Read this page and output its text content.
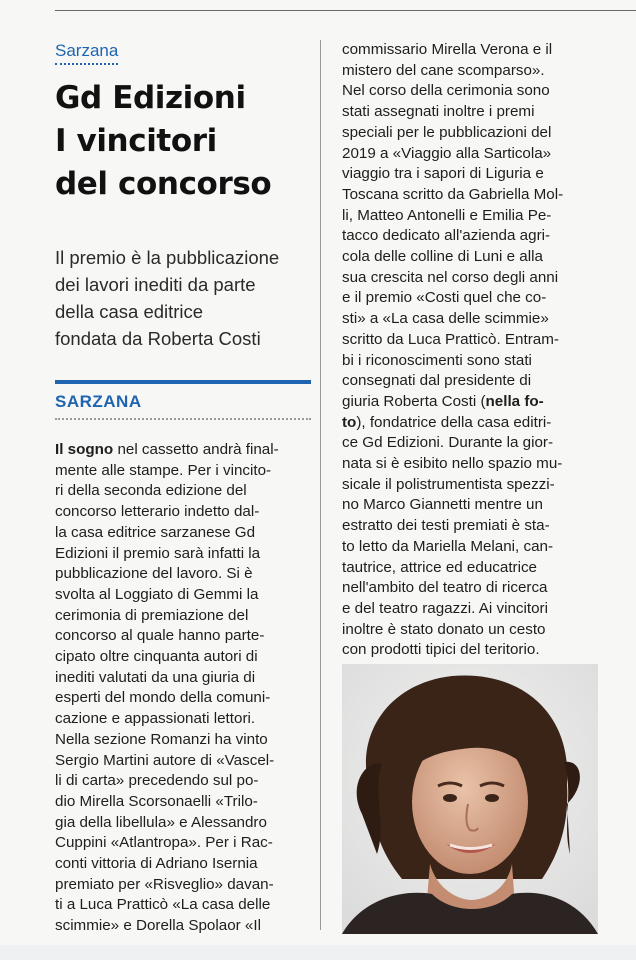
Sarzana
Gd Edizioni
I vincitori
del concorso
Il premio è la pubblicazione
dei lavori inediti da parte
della casa editrice
fondata da Roberta Costi
SARZANA
Il sogno nel cassetto andrà final-
mente alle stampe. Per i vincito-
ri della seconda edizione del
concorso letterario indetto dal-
la casa editrice sarzanese Gd
Edizioni il premio sarà infatti la
pubblicazione del lavoro. Si è
svolta al Loggiato di Gemmi la
cerimonia di premiazione del
concorso al quale hanno parte-
cipato oltre cinquanta autori di
inediti valutati da una giuria di
esperti del mondo della comuni-
cazione e appassionati lettori.
Nella sezione Romanzi ha vinto
Sergio Martini autore di «Vascel-
li di carta» precedendo sul po-
dio Mirella Scorsonaelli «Trilo-
gia della libellula» e Alessandro
Cuppini «Atlantropa». Per i Rac-
conti vittoria di Adriano Isernia
premiato per «Risveglio» davan-
ti a Luca Pratticò «La casa delle
scimmie» e Dorella Spolaor «Il
commissario Mirella Verona e il
mistero del cane scomparso».
Nel corso della cerimonia sono
stati assegnati inoltre i premi
speciali per le pubblicazioni del
2019 a «Viaggio alla Sarticola»
viaggio tra i sapori di Liguria e
Toscana scritto da Gabriella Mol-
li, Matteo Antonelli e Emilia Pe-
tacco dedicato all'azienda agri-
cola delle colline di Luni e alla
sua crescita nel corso degli anni
e il premio «Costi quel che co-
sti» a «La casa delle scimmie»
scritto da Luca Pratticò. Entram-
bi i riconoscimenti sono stati
consegnati dal presidente di
giuria Roberta Costi (nella fo-
to), fondatrice della casa editri-
ce Gd Edizioni. Durante la gior-
nata si è esibito nello spazio mu-
sicale il polistrumentista spezzi-
no Marco Giannetti mentre un
estratto dei testi premiati è sta-
to letto da Mariella Melani, can-
tautrice, attrice ed educatrice
nell'ambito del teatro di ricerca
e del teatro ragazzi. Ai vincitori
inoltre è stato donato un cesto
con prodotti tipici del teritorio.
